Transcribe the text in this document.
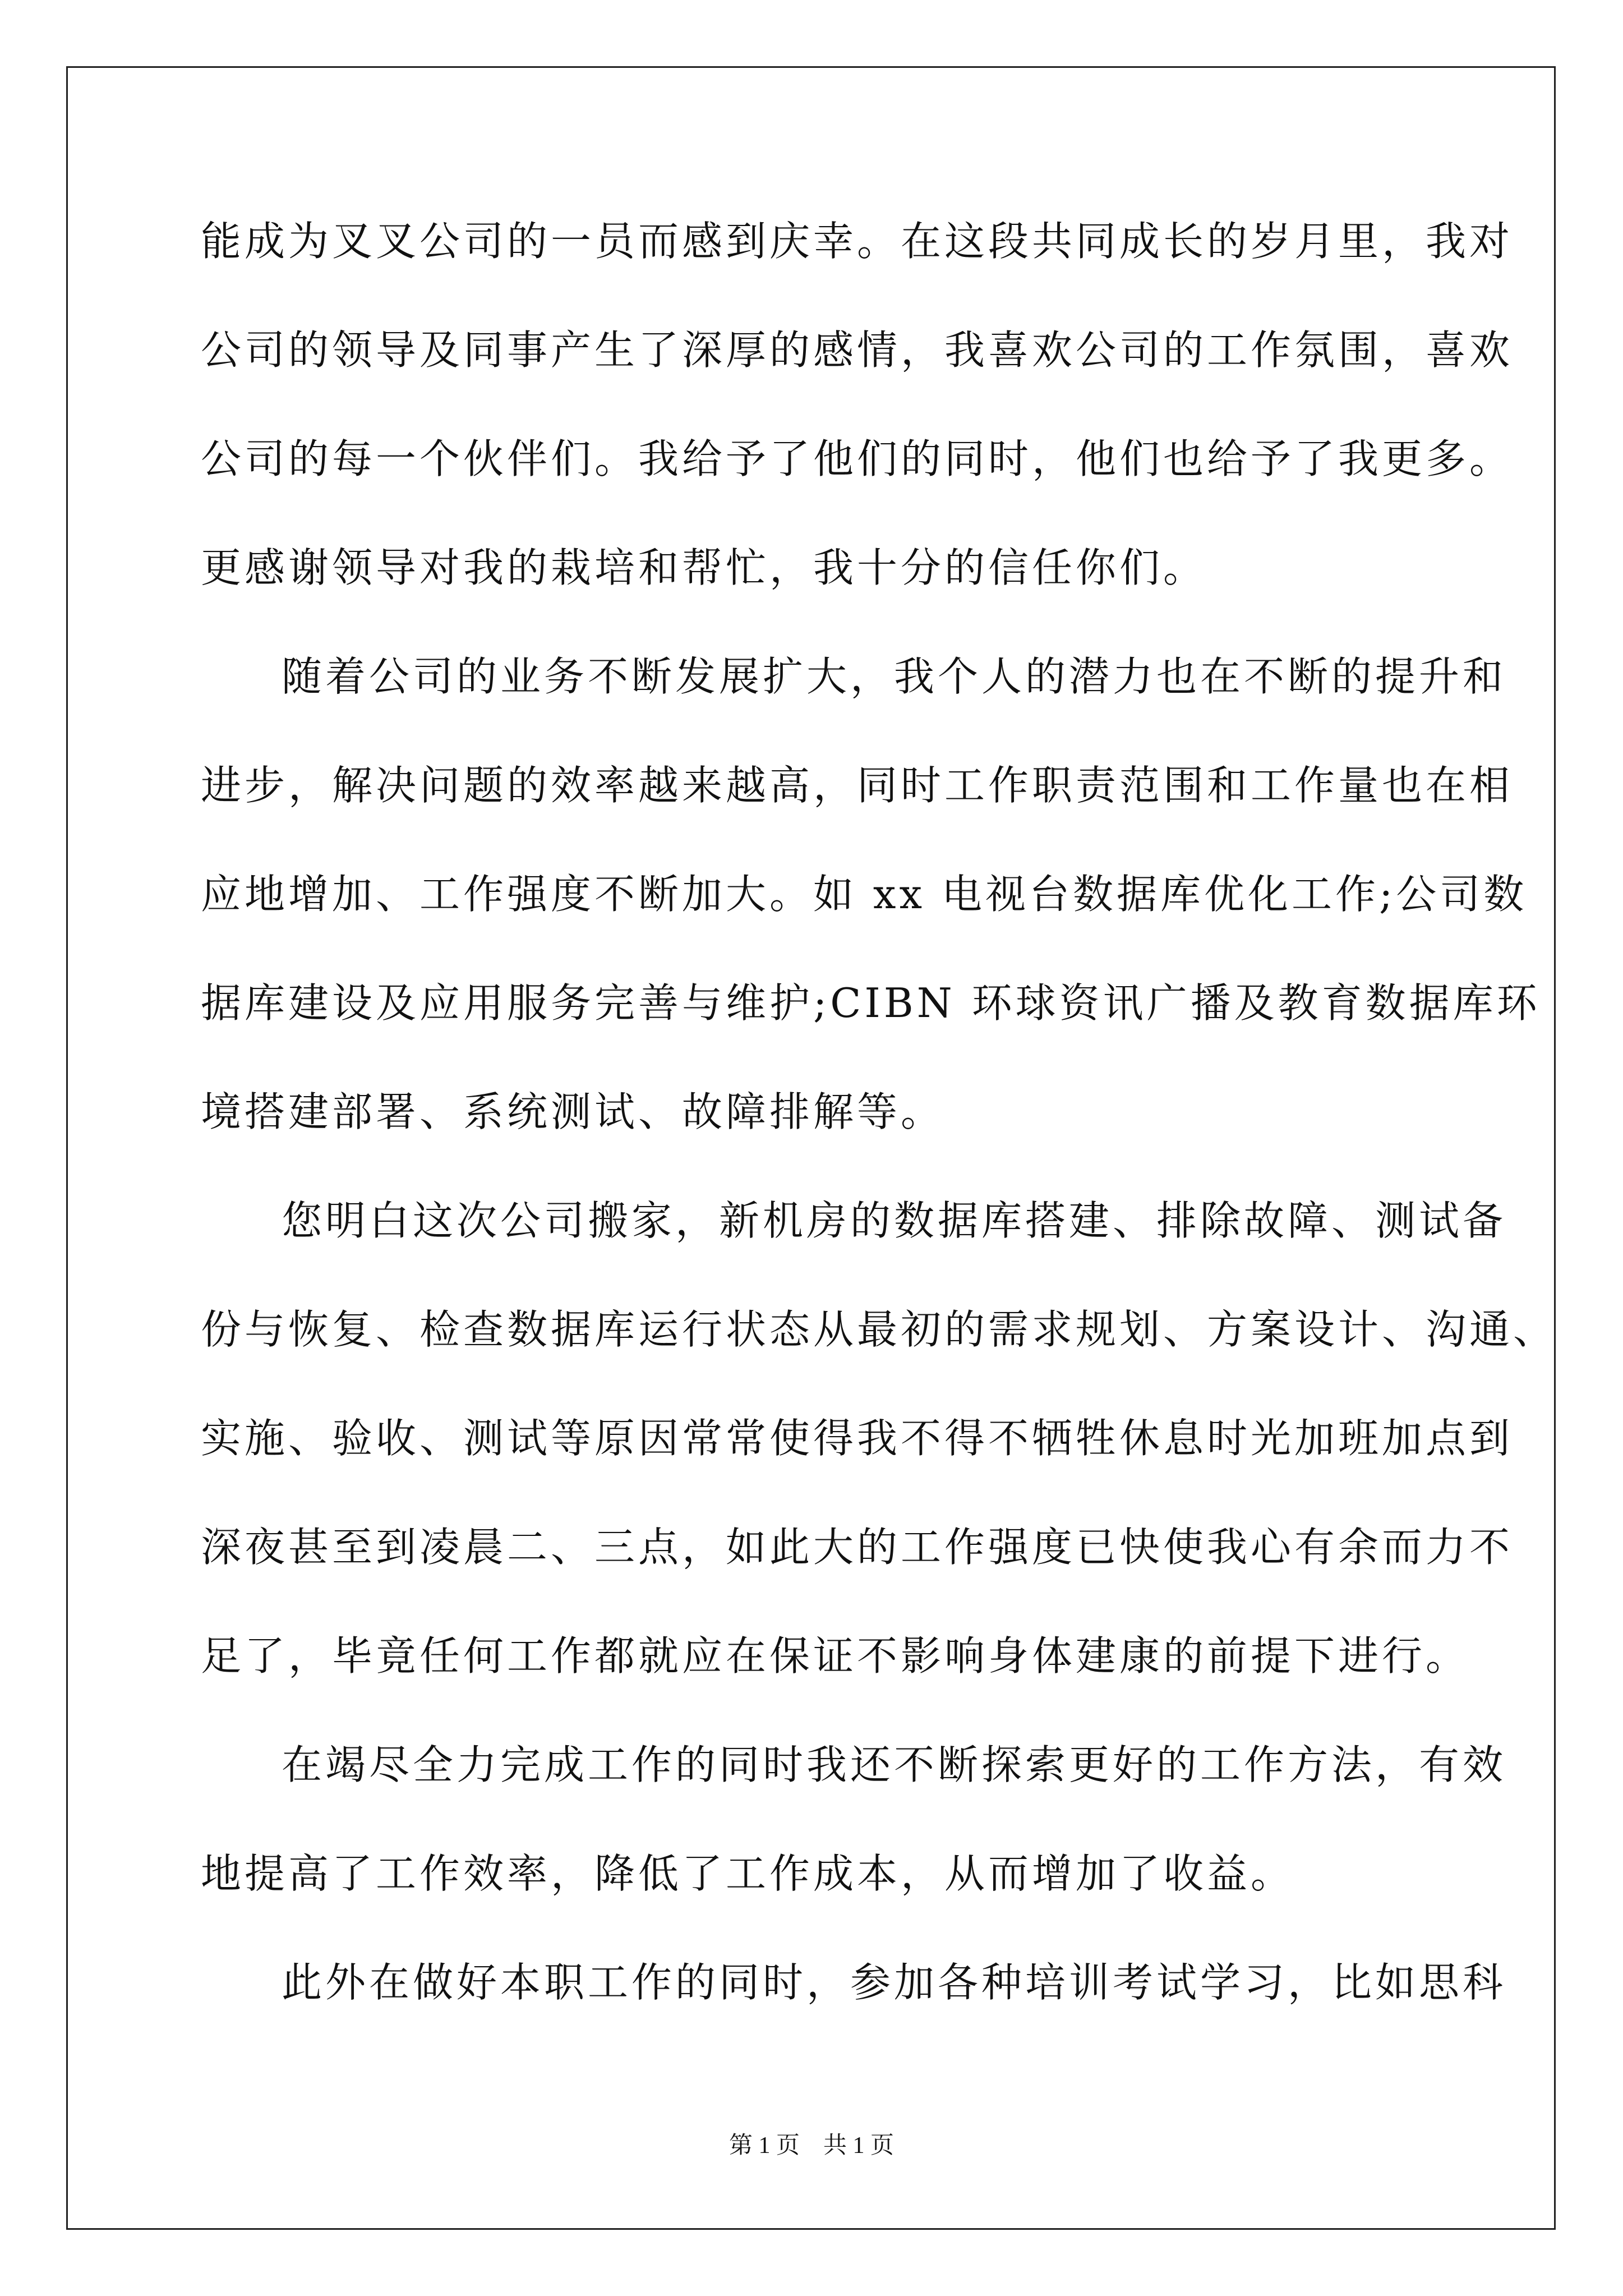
能成为叉叉公司的一员而感到庆幸。在这段共同成长的岁月里，我对
公司的领导及同事产生了深厚的感情，我喜欢公司的工作氛围，喜欢
公司的每一个伙伴们。我给予了他们的同时，他们也给予了我更多。
更感谢领导对我的栽培和帮忙，我十分的信任你们。
随着公司的业务不断发展扩大，我个人的潜力也在不断的提升和
进步，解决问题的效率越来越高，同时工作职责范围和工作量也在相
应地增加、工作强度不断加大。如 xx 电视台数据库优化工作;公司数
据库建设及应用服务完善与维护;CIBN 环球资讯广播及教育数据库环
境搭建部署、系统测试、故障排解等。
您明白这次公司搬家，新机房的数据库搭建、排除故障、测试备
份与恢复、检查数据库运行状态从最初的需求规划、方案设计、沟通、
实施、验收、测试等原因常常使得我不得不牺牲休息时光加班加点到
深夜甚至到凌晨二、三点，如此大的工作强度已快使我心有余而力不
足了，毕竟任何工作都就应在保证不影响身体建康的前提下进行。
在竭尽全力完成工作的同时我还不断探索更好的工作方法，有效
地提高了工作效率，降低了工作成本，从而增加了收益。
此外在做好本职工作的同时，参加各种培训考试学习，比如思科
第 1 页　共 1 页
